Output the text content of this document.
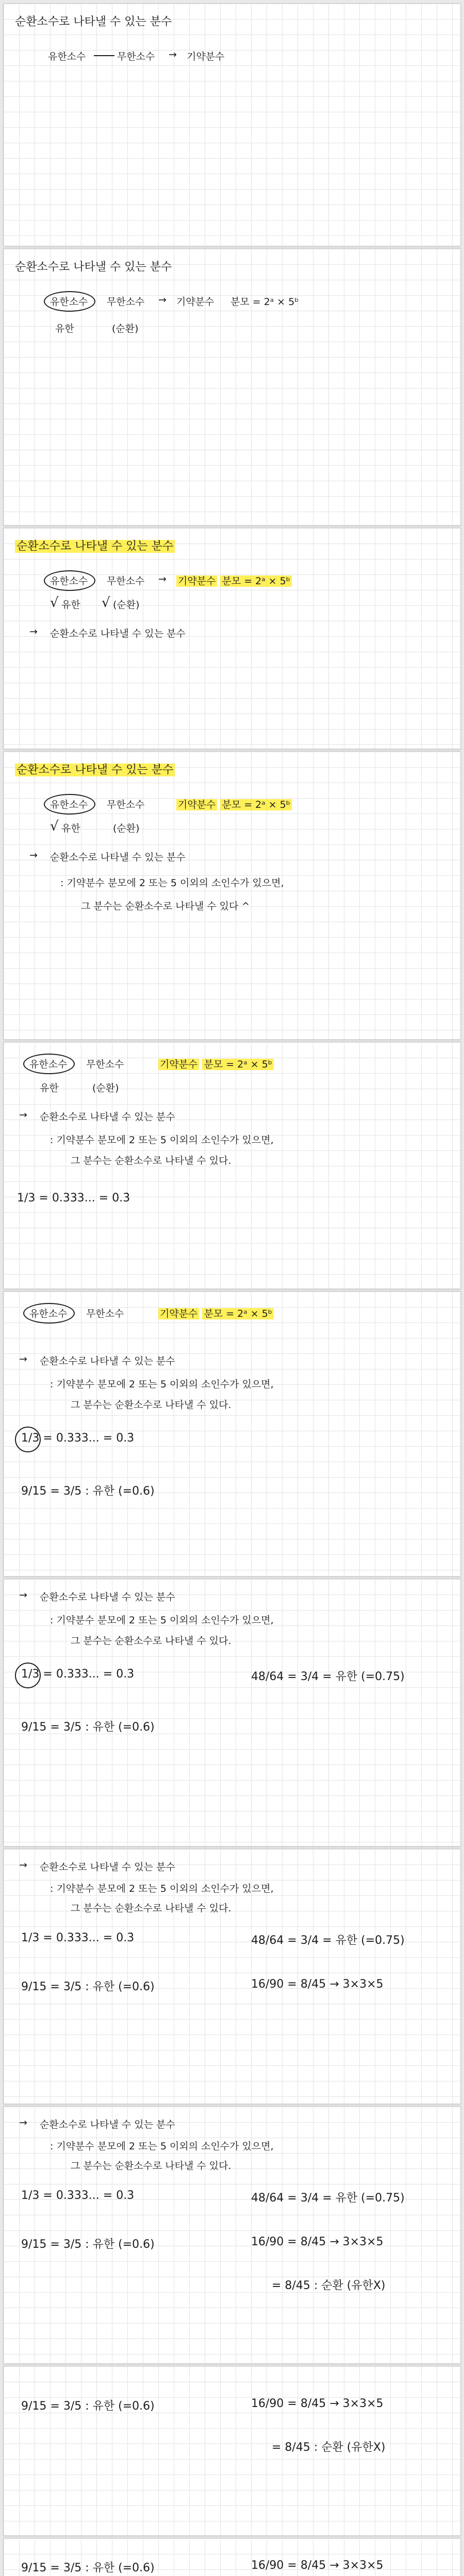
순환소수로 나타낼 수 있는 분수
유한소수	무한소수 → 기약분수
순환소수로 나타낼 수 있는 분수
유한소수 무한소수 → 기약분수 분모 = 2ᵃ × 5ᵇ
유한	(순환)
순환소수로 나타낼 수 있는 분수
유한소수 무한소수 → 기약분수 분모 = 2ᵃ × 5ᵇ
√ 유한 √ (순환)
→ 순환소수로 나타낼 수 있는 분수
순환소수로 나타낼 수 있는 분수
유한소수 무한소수	기약분수 분모 = 2ᵃ × 5ᵇ
√ 유한	(순환)
→ 순환소수로 나타낼 수 있는 분수
: 기약분수 분모에 2 또는 5 이외의 소인수가 있으면,
그 분수는 순환소수로 나타낼 수 있다 ^
유한소수 무한소수	기약분수 분모 = 2ᵃ × 5ᵇ
유한	(순환)
→ 순환소수로 나타낼 수 있는 분수
: 기약분수 분모에 2 또는 5 이외의 소인수가 있으면,
그 분수는 순환소수로 나타낼 수 있다.
1/3 = 0.333... = 0.3̇
유한소수 무한소수	기약분수 분모 = 2ᵃ × 5ᵇ
→ 순환소수로 나타낼 수 있는 분수
: 기약분수 분모에 2 또는 5 이외의 소인수가 있으면,
그 분수는 순환소수로 나타낼 수 있다.
1/3 = 0.333... = 0.3̇
9/15 = 3/5 : 유한 (=0.6)
→ 순환소수로 나타낼 수 있는 분수
: 기약분수 분모에 2 또는 5 이외의 소인수가 있으면,
그 분수는 순환소수로 나타낼 수 있다.
1/3 = 0.333... = 0.3̇	48/64 = 3/4 = 유한 (=0.75)
9/15 = 3/5 : 유한 (=0.6)
→ 순환소수로 나타낼 수 있는 분수
: 기약분수 분모에 2 또는 5 이외의 소인수가 있으면,
그 분수는 순환소수로 나타낼 수 있다.
1/3 = 0.333... = 0.3̇	48/64 = 3/4 = 유한 (=0.75)
9/15 = 3/5 : 유한 (=0.6)	16/90 = 8/45 → 3×3×5
→ 순환소수로 나타낼 수 있는 분수
: 기약분수 분모에 2 또는 5 이외의 소인수가 있으면,
그 분수는 순환소수로 나타낼 수 있다.
1/3 = 0.333... = 0.3̇	48/64 = 3/4 = 유한 (=0.75)
9/15 = 3/5 : 유한 (=0.6)	16/90 = 8/45 → 3×3×5
= 8/45 : 순환 (유한X)
9/15 = 3/5 : 유한 (=0.6)	16/90 = 8/45 → 3×3×5
= 8/45 : 순환 (유한X)
9/15 = 3/5 : 유한 (=0.6)	16/90 = 8/45 → 3×3×5
